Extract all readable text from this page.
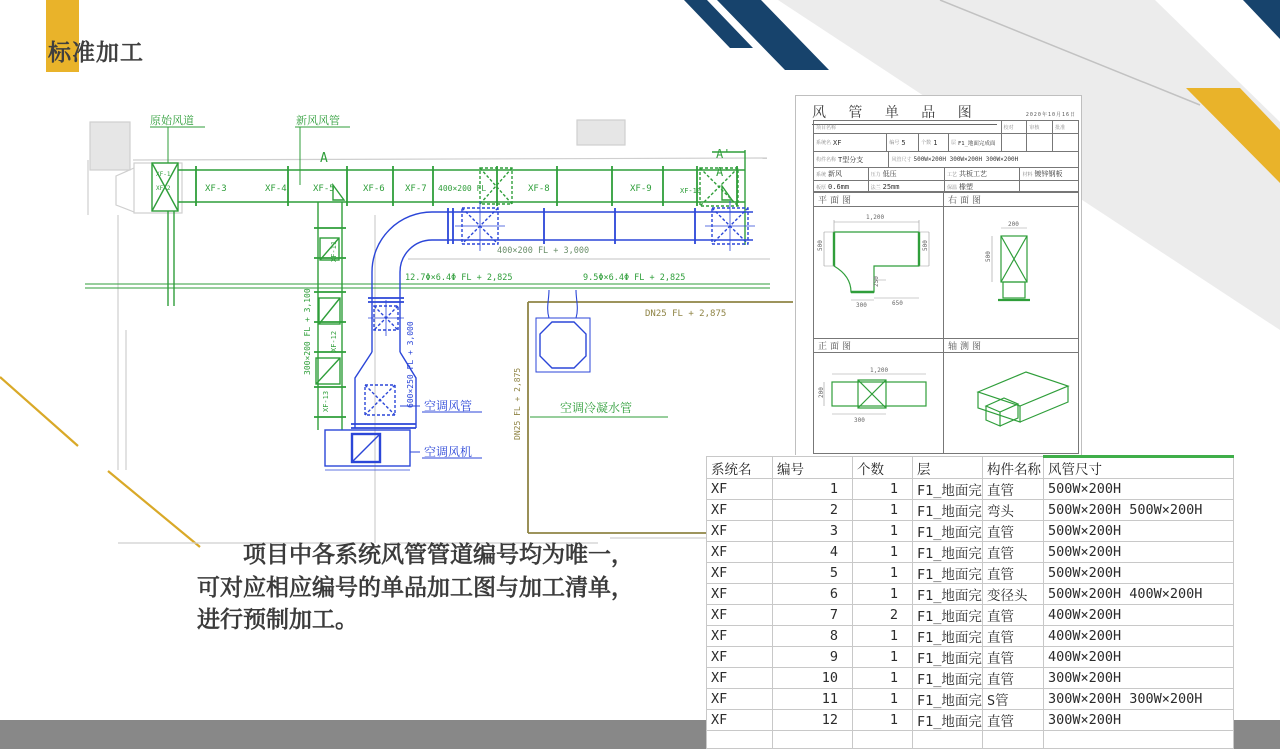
原始风道	新风风管
XF-1
XF-2	XF-3	XF-4	XF-5	XF-6 XF-7 400×200 FL	XF-8	XF-9	XF-10
A	A'
A'
400×200 FL + 3,000
12.7Φ×6.4Φ FL + 2,825	9.5Φ×6.4Φ FL + 2,825
DN25 FL + 2,875
DN25 FL + 2,875	空调冷凝水管
300×200 FL + 3,100
XF-11
XF-12
XF-13	600×250 FL + 3,000 空调风管
空调风机
风 管 单 品 图	2020年10月16日
项目名称	校对	审核	批准
系统名 XF	编号 5	个数 1	层 F1_地面完成面
构件名称 T型分支	风管尺寸 500W×200H 300W×200H 300W×200H
系统 新风	压力 低压	工艺 共板工艺	材料 镀锌钢板
板厚 0.6mm	法兰 25mm	保温 橡塑
平面图	右面图
正面图	轴测图
1,200
500	500
250
300	650
200
500
1,200
200
300
系统名	编号	个数	层	构件名称	风管尺寸
XF	1	1	F1_地面完	直管	500W×200H
XF	2	1	F1_地面完	弯头	500W×200H 500W×200H
XF	3	1	F1_地面完	直管	500W×200H
XF	4	1	F1_地面完	直管	500W×200H
XF	5	1	F1_地面完	直管	500W×200H
XF	6	1	F1_地面完	变径头	500W×200H 400W×200H
XF	7	2	F1_地面完	直管	400W×200H
XF	8	1	F1_地面完	直管	400W×200H
XF	9	1	F1_地面完	直管	400W×200H
XF	10	1	F1_地面完	直管	300W×200H
XF	11	1	F1_地面完	S管	300W×200H 300W×200H
XF	12	1	F1_地面完	直管	300W×200H

标准加工
项目中各系统风管管道编号均为唯一，可对应相应编号的单品加工图与加工清单，进行预制加工。
